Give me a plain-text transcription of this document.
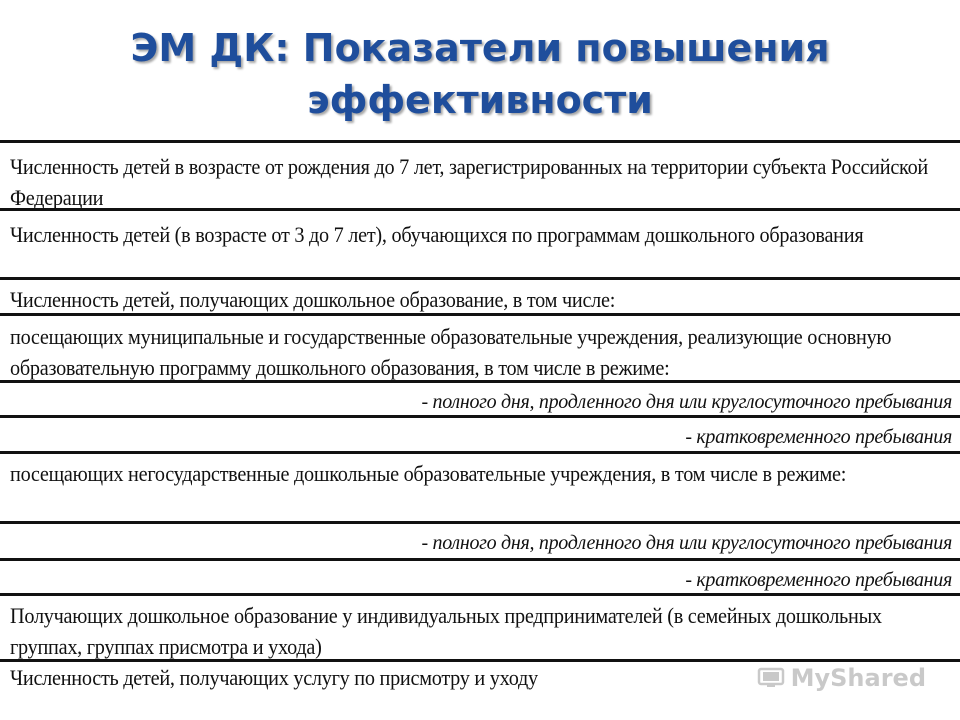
ЭМ ДК: Показатели повышения
эффективности
Численность детей в возрасте от рождения до 7 лет, зарегистрированных на территории субъекта Российской Федерации
Численность детей (в возрасте от 3 до 7 лет), обучающихся по программам дошкольного образования
Численность детей, получающих дошкольное образование, в том числе:
посещающих муниципальные и государственные образовательные учреждения, реализующие основную образовательную программу дошкольного образования, в том числе в режиме:
- полного дня, продленного дня или круглосуточного пребывания
- кратковременного пребывания
посещающих негосударственные дошкольные образовательные учреждения, в том числе в режиме:
- полного дня, продленного дня или круглосуточного пребывания
- кратковременного пребывания
Получающих дошкольное образование у индивидуальных предпринимателей (в семейных дошкольных группах, группах присмотра и ухода)
Численность детей, получающих услугу по присмотру и уходу	MyShared
